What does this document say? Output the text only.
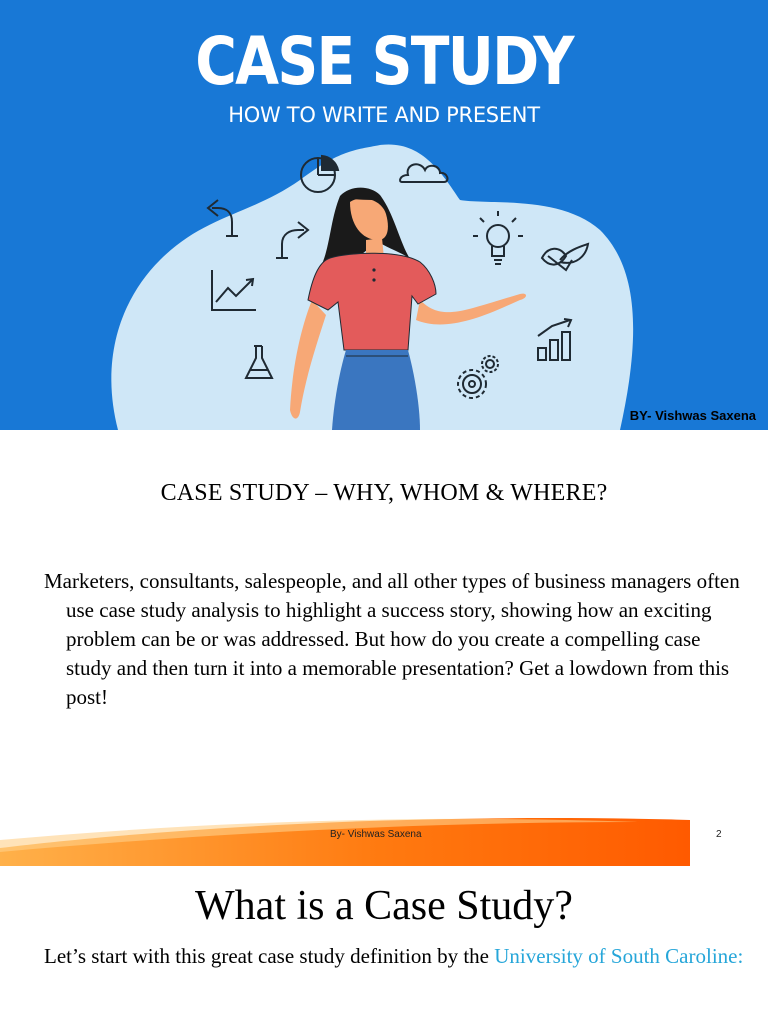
CASE STUDY
HOW TO WRITE AND PRESENT
BY- Vishwas Saxena
CASE STUDY – WHY, WHOM & WHERE?
Marketers, consultants, salespeople, and all other types of business managers often use case study analysis to highlight a success story, showing how an exciting problem can be or was addressed. But how do you create a compelling case study and then turn it into a memorable presentation? Get a lowdown from this post!
By- Vishwas Saxena	2
What is a Case Study?
Let’s start with this great case study definition by the University of South Caroline:
